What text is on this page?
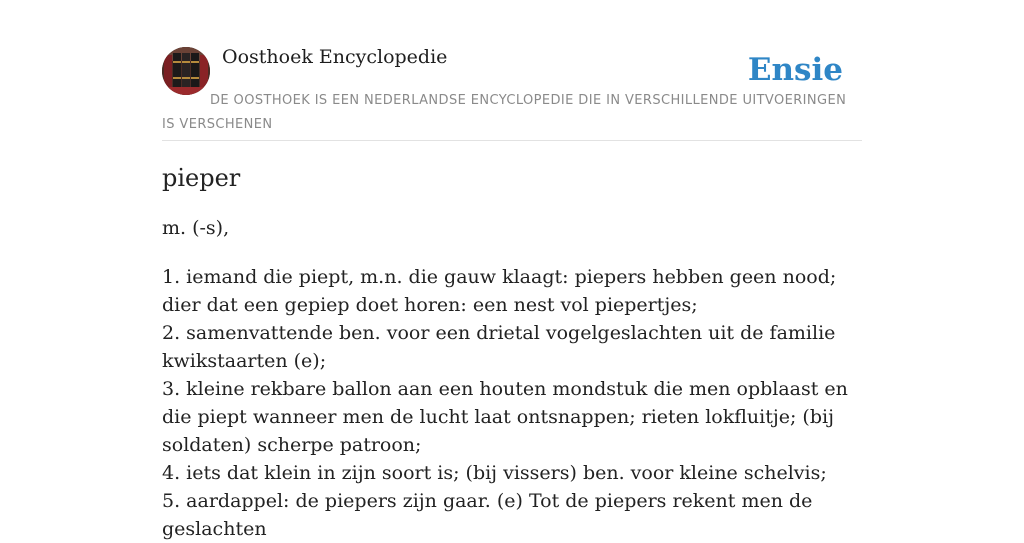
Oosthoek Encyclopedie	Ensie

DE OOSTHOEK IS EEN NEDERLANDSE ENCYCLOPEDIE DIE IN VERSCHILLENDE UITVOERINGEN IS VERSCHENEN

pieper

m. (-s),

1. iemand die piept, m.n. die gauw klaagt: piepers hebben geen nood; dier dat een gepiep doet horen: een nest vol piepertjes;
2. samenvattende ben. voor een drietal vogelgeslachten uit de familie kwikstaarten (e);
3. kleine rekbare ballon aan een houten mondstuk die men opblaast en die piept wanneer men de lucht laat ontsnappen; rieten lokfluitje; (bij soldaten) scherpe patroon;
4. iets dat klein in zijn soort is; (bij vissers) ben. voor kleine schelvis;
5. aardappel: de piepers zijn gaar. (e) Tot de piepers rekent men de geslachten
